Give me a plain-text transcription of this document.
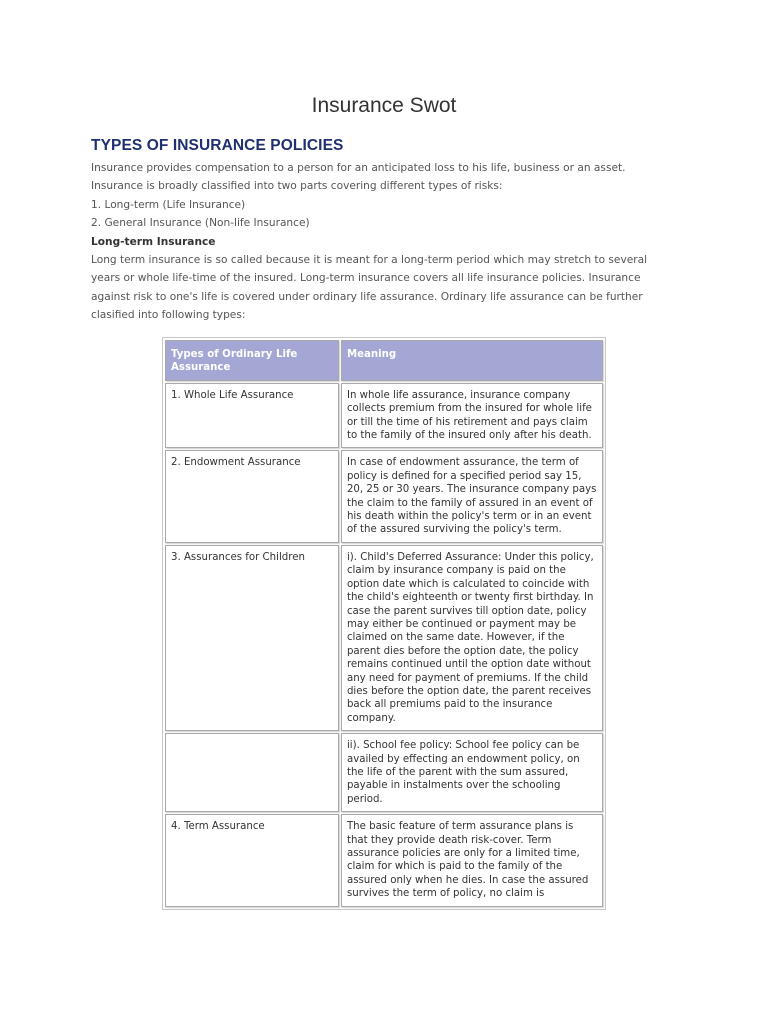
Insurance Swot
TYPES OF INSURANCE POLICIES

Insurance provides compensation to a person for an anticipated loss to his life, business or an asset.

Insurance is broadly classified into two parts covering different types of risks:

1. Long-term (Life Insurance)

2. General Insurance (Non-life Insurance)

Long-term Insurance

Long term insurance is so called because it is meant for a long-term period which may stretch to several years or whole life-time of the insured. Long-term insurance covers all life insurance policies. Insurance against risk to one's life is covered under ordinary life assurance. Ordinary life assurance can be further clasified into following types:

Types of Ordinary Life Assurance	Meaning
1. Whole Life Assurance	In whole life assurance, insurance company collects premium from the insured for whole life or till the time of his retirement and pays claim to the family of the insured only after his death.
2. Endowment Assurance	In case of endowment assurance, the term of policy is defined for a specified period say 15, 20, 25 or 30 years. The insurance company pays the claim to the family of assured in an event of his death within the policy's term or in an event of the assured surviving the policy's term.
3. Assurances for Children	i). Child's Deferred Assurance: Under this policy, claim by insurance company is paid on the option date which is calculated to coincide with the child's eighteenth or twenty first birthday. In case the parent survives till option date, policy may either be continued or payment may be claimed on the same date. However, if the parent dies before the option date, the policy remains continued until the option date without any need for payment of premiums. If the child dies before the option date, the parent receives back all premiums paid to the insurance company.
	ii). School fee policy: School fee policy can be availed by effecting an endowment policy, on the life of the parent with the sum assured, payable in instalments over the schooling period.
4. Term Assurance	The basic feature of term assurance plans is that they provide death risk-cover. Term assurance policies are only for a limited time, claim for which is paid to the family of the assured only when he dies. In case the assured survives the term of policy, no claim is
